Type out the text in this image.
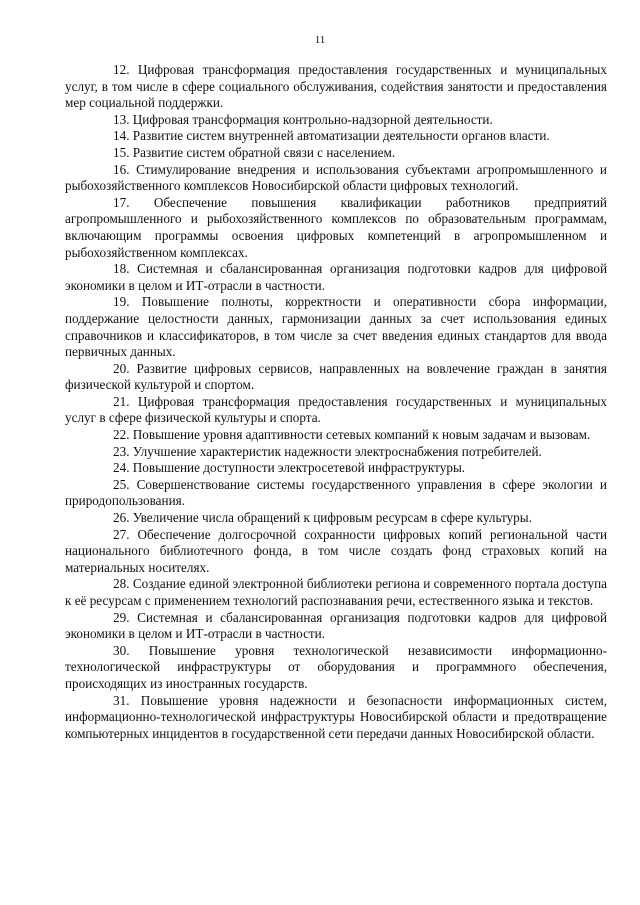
11

12. Цифровая трансформация предоставления государственных и муниципальных услуг, в том числе в сфере социального обслуживания, содействия занятости и предоставления мер социальной поддержки.

13. Цифровая трансформация контрольно-надзорной деятельности.

14. Развитие систем внутренней автоматизации деятельности органов власти.

15. Развитие систем обратной связи с населением.

16. Стимулирование внедрения и использования субъектами агропромышленного и рыбохозяйственного комплексов Новосибирской области цифровых технологий.

17. Обеспечение повышения квалификации работников предприятий агропромышленного и рыбохозяйственного комплексов по образовательным программам, включающим программы освоения цифровых компетенций в агропромышленном и рыбохозяйственном комплексах.

18. Системная и сбалансированная организация подготовки кадров для цифровой экономики в целом и ИТ-отрасли в частности.

19. Повышение полноты, корректности и оперативности сбора информации, поддержание целостности данных, гармонизации данных за счет использования единых справочников и классификаторов, в том числе за счет введения единых стандартов для ввода первичных данных.

20. Развитие цифровых сервисов, направленных на вовлечение граждан в занятия физической культурой и спортом.

21. Цифровая трансформация предоставления государственных и муниципальных услуг в сфере физической культуры и спорта.

22. Повышение уровня адаптивности сетевых компаний к новым задачам и вызовам.

23. Улучшение характеристик надежности электроснабжения потребителей.

24. Повышение доступности электросетевой инфраструктуры.

25. Совершенствование системы государственного управления в сфере экологии и природопользования.

26. Увеличение числа обращений к цифровым ресурсам в сфере культуры.

27. Обеспечение долгосрочной сохранности цифровых копий региональной части национального библиотечного фонда, в том числе создать фонд страховых копий на материальных носителях.

28. Создание единой электронной библиотеки региона и современного портала доступа к её ресурсам с применением технологий распознавания речи, естественного языка и текстов.

29. Системная и сбалансированная организация подготовки кадров для цифровой экономики в целом и ИТ-отрасли в частности.

30. Повышение уровня технологической независимости информационно-технологической инфраструктуры от оборудования и программного обеспечения, происходящих из иностранных государств.

31. Повышение уровня надежности и безопасности информационных систем, информационно-технологической инфраструктуры Новосибирской области и предотвращение компьютерных инцидентов в государственной сети передачи данных Новосибирской области.
